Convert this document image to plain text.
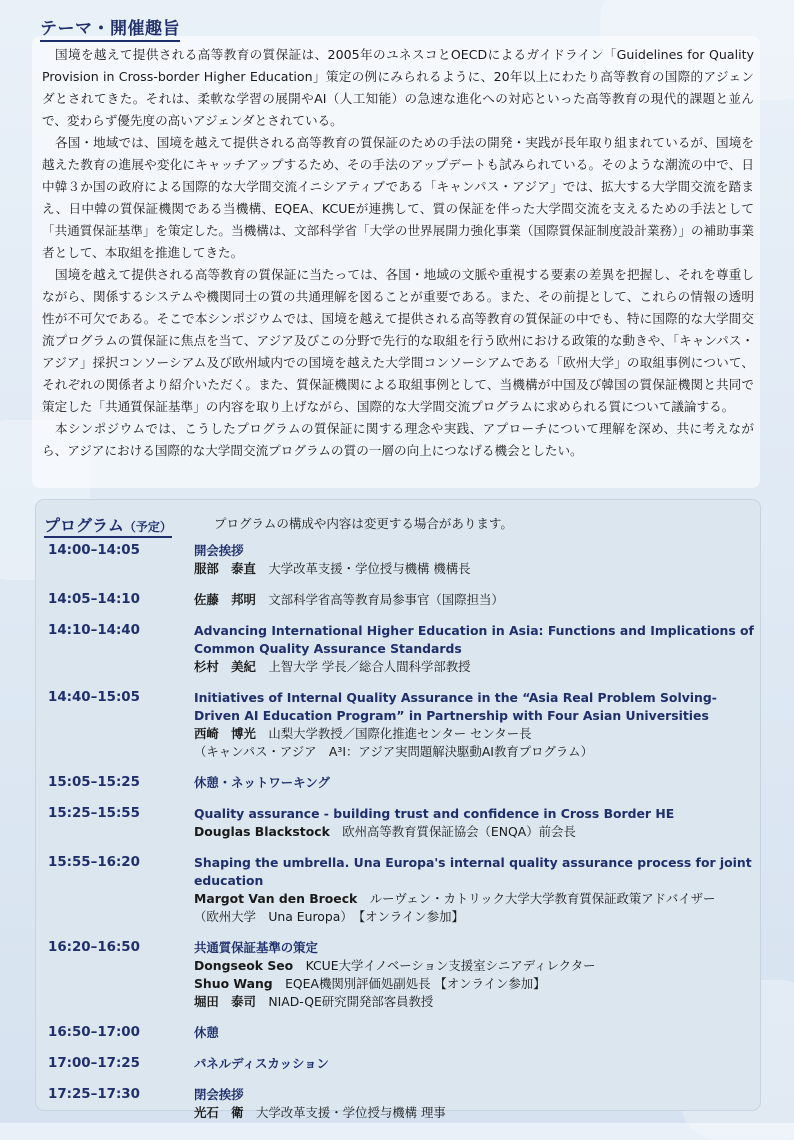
テーマ・開催趣旨

国境を越えて提供される高等教育の質保証は、2005年のユネスコとOECDによるガイドライン「Guidelines for Quality Provision in Cross-border Higher Education」策定の例にみられるように、20年以上にわたり高等教育の国際的アジェンダとされてきた。それは、柔軟な学習の展開やAI（人工知能）の急速な進化への対応といった高等教育の現代的課題と並んで、変わらず優先度の高いアジェンダとされている。

各国・地域では、国境を越えて提供される高等教育の質保証のための手法の開発・実践が長年取り組まれているが、国境を越えた教育の進展や変化にキャッチアップするため、その手法のアップデートも試みられている。そのような潮流の中で、日中韓３か国の政府による国際的な大学間交流イニシアティブである「キャンパス・アジア」では、拡大する大学間交流を踏まえ、日中韓の質保証機関である当機構、EQEA、KCUEが連携して、質の保証を伴った大学間交流を支えるための手法として「共通質保証基準」を策定した。当機構は、文部科学省「大学の世界展開力強化事業（国際質保証制度設計業務）」の補助事業者として、本取組を推進してきた。

国境を越えて提供される高等教育の質保証に当たっては、各国・地域の文脈や重視する要素の差異を把握し、それを尊重しながら、関係するシステムや機関同士の質の共通理解を図ることが重要である。また、その前提として、これらの情報の透明性が不可欠である。そこで本シンポジウムでは、国境を越えて提供される高等教育の質保証の中でも、特に国際的な大学間交流プログラムの質保証に焦点を当て、アジア及びこの分野で先行的な取組を行う欧州における政策的な動きや、「キャンパス・アジア」採択コンソーシアム及び欧州域内での国境を越えた大学間コンソーシアムである「欧州大学」の取組事例について、それぞれの関係者より紹介いただく。また、質保証機関による取組事例として、当機構が中国及び韓国の質保証機関と共同で策定した「共通質保証基準」の内容を取り上げながら、国際的な大学間交流プログラムに求められる質について議論する。

本シンポジウムでは、こうしたプログラムの質保証に関する理念や実践、アプローチについて理解を深め、共に考えながら、アジアにおける国際的な大学間交流プログラムの質の一層の向上につなげる機会としたい。

プログラム（予定）	プログラムの構成や内容は変更する場合があります。
14:00–14:05	開会挨拶
服部　泰直　 大学改革支援・学位授与機構 機構長
14:05–14:10	佐藤　邦明　 文部科学省高等教育局参事官（国際担当）
14:10–14:40	Advancing International Higher Education in Asia: Functions and Implications of Common Quality Assurance Standards
杉村　美紀　 上智大学 学長／総合人間科学部教授
14:40–15:05	Initiatives of Internal Quality Assurance in the “Asia Real Problem Solving-Driven AI Education Program” in Partnership with Four Asian Universities
西崎　博光　 山梨大学教授／国際化推進センター センター長
（キャンパス・アジア　A³I：アジア実問題解決駆動AI教育プログラム）
15:05–15:25	休憩・ネットワーキング
15:25–15:55	Quality assurance - building trust and confidence in Cross Border HE
Douglas Blackstock　 欧州高等教育質保証協会（ENQA）前会長
15:55–16:20	Shaping the umbrella. Una Europa's internal quality assurance process for joint education
Margot Van den Broeck　 ルーヴェン・カトリック大学大学教育質保証政策アドバイザー
（欧州大学　Una Europa）　【オンライン参加】
16:20–16:50	共通質保証基準の策定
Dongseok Seo　 KCUE大学イノベーション支援室シニアディレクター
Shuo Wang　 EQEA機関別評価処副処長 【オンライン参加】
堀田　泰司　 NIAD-QE研究開発部客員教授
16:50–17:00	休憩
17:00–17:25	パネルディスカッション
17:25–17:30	閉会挨拶
光石　衛　 大学改革支援・学位授与機構 理事
